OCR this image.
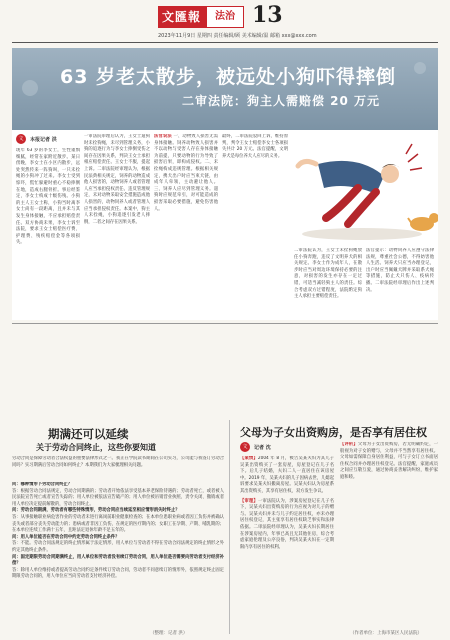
文匯報	法治 13
2023年11月9日 星期四 责任编辑/顾 美术编辑/温 邮箱 xxx@xxx.com
63 岁老太散步，被远处小狗吓得摔倒
二审法院：狗主人需赔偿 20 万元
文	本报记者 洪
现年 63 岁的李女士，生性谨慎细腻，经常在家附近散步。某日傍晚，李女士在小区内散步，远处突然传来一阵狗叫，一只未拴绳的小狗冲了过来。李女士受到惊吓，慌忙躲避时重心不稳摔倒在地，造成右腿骨折。事后经鉴定，李女士构成十级伤残。小狗的主人王女士称，小狗当时离李女士尚有一段距离，且并未与其发生身体接触，不应承担赔偿责任。双方协商未果，李女士诉至法院，要求王女士赔偿医疗费、护理费、残疾赔偿金等各项损失。
一审法院审理后认为，王女士遛狗时未拴狗绳，未尽到管理义务，小狗的追逐行为与李女士摔倒受伤之间存在因果关系，判决王女士承担相应赔偿责任。王女士不服，提起上诉。二审法院经审理认为，根据民法典相关规定，饲养的动物造成他人损害的，动物饲养人或者管理人应当承担侵权责任。违反管理规定，未对动物采取安全措施造成他人损害的，动物饲养人或者管理人应当承担侵权责任。本案中，狗主人未拴绳，小狗追逐引发老人摔倒，二者之间存在因果关系。
法官说法 一、动物致人损害无需身体接触。饲养动物致人损害并不以动物与受害人存在身体接触为前提，只要动物的行为导致了损害后果，即构成侵权。二、未拴绳构成违规管理。根据相关规定，携犬出户时应当束犬链，由成年人牵领，主动避让他人。三、饲养人应尽到管理义务。遛狗时应规范牵引，对可能造成的损害采取必要措施，避免伤害他人。
最终，二审法院驳回上诉，维持原判，判令王女士赔偿李女士各项损失共计 20 万元。法官提醒，文明养犬是每位养犬人应尽的义务。
二审法院认为，王女士未拴狗绳放任小狗奔跑，违反了文明养犬的相关规定。李女士作为成年人，在散步时应当对周边环境保持必要的注意，对损害的发生亦存在一定过错，可适当减轻狗主人的责任。综合考虑双方过错程度，法院酌定狗主人承担主要赔偿责任。
法官提示：动物饲养人应遵守法律法规，尊重社会公德，不得妨害他人生活。饲养犬只应当办理登记，出户时应当佩戴犬牌并采取系犬绳等措施，防止犬只伤人、疫病传播。二审法院经审理后作出上述判决。
期满还可以延续
关于劳动合同终止，这些你要知道
劳动合同是保障劳动者合法权益的重要法律形式之一。我正在学院读书期间在公司实习，公司能与我签订劳动合同吗？实习期满后劳动合同如何终止？本期我们为大家梳理相关问题。
问：哪种情形下劳动合同终止？
答：根据劳动合同法规定，劳动合同期满的；劳动者开始依法享受基本养老保险待遇的；劳动者死亡，或者被人民法院宣告死亡或者宣告失踪的；用人单位被依法宣告破产的；用人单位被吊销营业执照、责令关闭、撤销或者用人单位决定提前解散的，劳动合同终止。
问：劳动合同期满，劳动者有哪些特殊情形，劳动合同应当续延至相应情形消失时终止？
答：从事接触职业病危害作业的劳动者未进行离岗前职业健康检查的；在本单位患职业病或者因工负伤并被确认丧失或者部分丧失劳动能力的；患病或者非因工负伤，在规定的医疗期内的；女职工在孕期、产期、哺乳期的；在本单位连续工作满十五年，且距法定退休年龄不足五年的。
问：用人单位能否在劳动合同中约定劳动合同终止条件？
答：不能。劳动合同法规定的终止情形属于法定情形，用人单位与劳动者不得在劳动合同法规定的终止情形之外约定其他终止条件。
问：固定期限劳动合同期满终止，用人单位和劳动者没有续订劳动合同，用人单位是否需要向劳动者支付经济补偿？
答：除用人单位维持或者提高劳动合同约定条件续订劳动合同，劳动者不同意续订的情形外，依照规定终止固定期限劳动合同的，用人单位应当向劳动者支付经济补偿。
（整理：记者 洪）
父母为子女出资购房，是否享有居住权
文	记者 沈
【案情】2004 年 8 月，被告吴某夫妇为其儿子吴某出资购买了一套房屋，房屋登记在儿子名下。后儿子结婚，夫妇二人一直居住在该房屋中。2019 年，吴某夫妇的儿子因病去世，儿媳起诉要求吴某夫妇搬离房屋。吴某夫妇认为房屋系其出资购买，其享有居住权，双方发生争议。
【审理】一审法院认为，涉案房屋登记在儿子名下，吴某夫妇出资购房的行为应视为对儿子的赠与。吴某夫妇并未与儿子约定居住权，亦未办理居住权登记，其主张享有居住权缺乏事实和法律依据。二审法院经审理认为，吴某夫妇长期居住在涉案房屋内，年事已高且无其他住房，综合考虑家庭伦理及公序良俗，判决吴某夫妇在一定期限内享有居住的权利。
【评析】父母为子女出资购房，若无明确约定，一般视为对子女的赠与，父母并不当然享有居住权。父母如需保障自身居住利益，可与子女订立书面居住权合同并办理居住权登记。法官提醒，家庭成员之间应互敬互爱，通过协商妥善解决纠纷，维护家庭和睦。
（作者单位：上海市某区人民法院）
